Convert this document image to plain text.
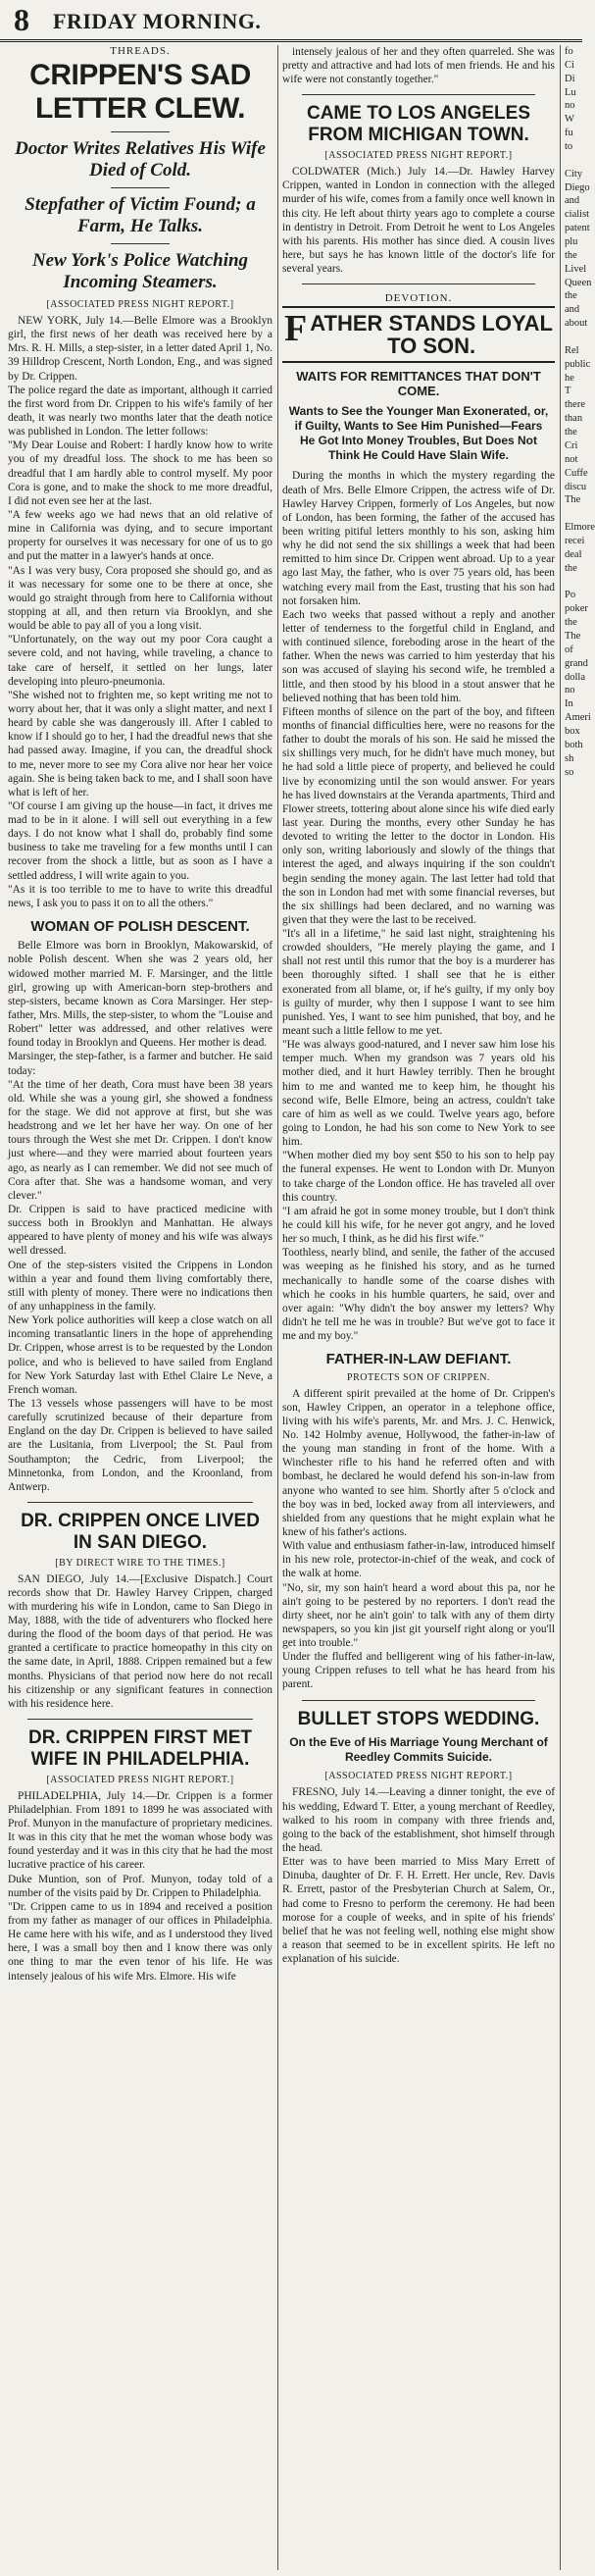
8 FRIDAY MORNING.

THREADS.

CRIPPEN'S SAD
LETTER CLEW.

Doctor Writes Relatives His Wife Died of Cold.

Stepfather of Victim Found; a Farm, He Talks.

New York's Police Watching Incoming Steamers.

[ASSOCIATED PRESS NIGHT REPORT.]

NEW YORK, July 14.—Belle Elmore was a Brooklyn girl, the first news of her death was received here by a Mrs. R. H. Mills, a step-sister, in a letter dated April 1, No. 39 Hilldrop Crescent, North London, Eng., and was signed by Dr. Crippen.
The police regard the date as important, although it carried the first word from Dr. Crippen to his wife's family of her death, it was nearly two months later that the death notice was published in London. The letter follows:
"My Dear Louise and Robert: I hardly know how to write you of my dreadful loss. The shock to me has been so dreadful that I am hardly able to control myself. My poor Cora is gone, and to make the shock to me more dreadful, I did not even see her at the last.
"A few weeks ago we had news that an old relative of mine in California was dying, and to secure important property for ourselves it was necessary for one of us to go and put the matter in a lawyer's hands at once.
"As I was very busy, Cora proposed she should go, and as it was necessary for some one to be there at once, she would go straight through from here to California without stopping at all, and then return via Brooklyn, and she would be able to pay all of you a long visit.
"Unfortunately, on the way out my poor Cora caught a severe cold, and not having, while traveling, a chance to take care of herself, it settled on her lungs, later developing into pleuro-pneumonia.
"She wished not to frighten me, so kept writing me not to worry about her, that it was only a slight matter, and next I heard by cable she was dangerously ill. After I cabled to know if I should go to her, I had the dreadful news that she had passed away. Imagine, if you can, the dreadful shock to me, never more to see my Cora alive nor hear her voice again. She is being taken back to me, and I shall soon have what is left of her.
"Of course I am giving up the house—in fact, it drives me mad to be in it alone. I will sell out everything in a few days. I do not know what I shall do, probably find some business to take me traveling for a few months until I can recover from the shock a little, but as soon as I have a settled address, I will write again to you.
"As it is too terrible to me to have to write this dreadful news, I ask you to pass it on to all the others."

WOMAN OF POLISH DESCENT.

Belle Elmore was born in Brooklyn, Makowarskid, of noble Polish descent. When she was 2 years old, her widowed mother married M. F. Marsinger, and the little girl, growing up with American-born step-brothers and step-sisters, became known as Cora Marsinger. Her step-father, Mrs. Mills, the step-sister, to whom the "Louise and Robert" letter was addressed, and other relatives were found today in Brooklyn and Queens. Her mother is dead.
Marsinger, the step-father, is a farmer and butcher. He said today:
"At the time of her death, Cora must have been 38 years old. While she was a young girl, she showed a fondness for the stage. We did not approve at first, but she was headstrong and we let her have her way. On one of her tours through the West she met Dr. Crippen. I don't know just where—and they were married about fourteen years ago, as nearly as I can remember. We did not see much of Cora after that. She was a handsome woman, and very clever."
Dr. Crippen is said to have practiced medicine with success both in Brooklyn and Manhattan. He always appeared to have plenty of money and his wife was always well dressed.
One of the step-sisters visited the Crippens in London within a year and found them living comfortably there, still with plenty of money. There were no indications then of any unhappiness in the family.
New York police authorities will keep a close watch on all incoming transatlantic liners in the hope of apprehending Dr. Crippen, whose arrest is to be requested by the London police, and who is believed to have sailed from England for New York Saturday last with Ethel Claire Le Neve, a French woman.
The 13 vessels whose passengers will have to be most carefully scrutinized because of their departure from England on the day Dr. Crippen is believed to have sailed are the Lusitania, from Liverpool; the St. Paul from Southampton; the Cedric, from Liverpool; the Minnetonka, from London, and the Kroonland, from Antwerp.

DR. CRIPPEN ONCE LIVED IN SAN DIEGO.

[BY DIRECT WIRE TO THE TIMES.]

SAN DIEGO, July 14.—[Exclusive Dispatch.] Court records show that Dr. Hawley Harvey Crippen, charged with murdering his wife in London, came to San Diego in May, 1888, with the tide of adventurers who flocked here during the flood of the boom days of that period. He was granted a certificate to practice homeopathy in this city on the same date, in April, 1888. Crippen remained but a few months. Physicians of that period now here do not recall his citizenship or any significant features in connection with his residence here.

DR. CRIPPEN FIRST MET WIFE IN PHILADELPHIA.

[ASSOCIATED PRESS NIGHT REPORT.]

PHILADELPHIA, July 14.—Dr. Crippen is a former Philadelphian. From 1891 to 1899 he was associated with Prof. Munyon in the manufacture of proprietary medicines. It was in this city that he met the woman whose body was found yesterday and it was in this city that he had the most lucrative practice of his career.
Duke Muntion, son of Prof. Munyon, today told of a number of the visits paid by Dr. Crippen to Philadelphia.
"Dr. Crippen came to us in 1894 and received a position from my father as manager of our offices in Philadelphia. He came here with his wife, and as I understood they lived here, I was a small boy then and I know there was only one thing to mar the even tenor of his life. He was intensely jealous of his wife Mrs. Elmore. His wife

intensely jealous of her and they often quarreled. She was pretty and attractive and had lots of men friends. He and his wife were not constantly together."

CAME TO LOS ANGELES FROM MICHIGAN TOWN.

[ASSOCIATED PRESS NIGHT REPORT.]

COLDWATER (Mich.) July 14.—Dr. Hawley Harvey Crippen, wanted in London in connection with the alleged murder of his wife, comes from a family once well known in this city. He left about thirty years ago to complete a course in dentistry in Detroit. From Detroit he went to Los Angeles with his parents. His mother has since died. A cousin lives here, but says he has known little of the doctor's life for several years.

DEVOTION.

FATHER STANDS LOYAL TO SON.

WAITS FOR REMITTANCES THAT DON'T COME.

Wants to See the Younger Man Exonerated, or, if Guilty, Wants to See Him Punished—Fears He Got Into Money Troubles, But Does Not Think He Could Have Slain Wife.

During the months in which the mystery regarding the death of Mrs. Belle Elmore Crippen, the actress wife of Dr. Hawley Harvey Crippen, formerly of Los Angeles, but now of London, has been forming, the father of the accused has been writing pitiful letters monthly to his son, asking him why he did not send the six shillings a week that had been remitted to him since Dr. Crippen went abroad. Up to a year ago last May, the father, who is over 75 years old, has been watching every mail from the East, trusting that his son had not forsaken him.
Each two weeks that passed without a reply and another letter of tenderness to the forgetful child in England, and with continued silence, foreboding arose in the heart of the father. When the news was carried to him yesterday that his son was accused of slaying his second wife, he trembled a little, and then stood by his blood in a stout answer that he believed nothing that has been told him.
Fifteen months of silence on the part of the boy, and fifteen months of financial difficulties here, were no reasons for the father to doubt the morals of his son. He said he missed the six shillings very much, for he didn't have much money, but he had sold a little piece of property, and believed he could live by economizing until the son would answer. For years he has lived downstairs at the Veranda apartments, Third and Flower streets, tottering about alone since his wife died early last year. During the months, every other Sunday he has devoted to writing the letter to the doctor in London. His only son, writing laboriously and slowly of the things that interest the aged, and always inquiring if the son couldn't begin sending the money again. The last letter had told that the son in London had met with some financial reverses, but the six shillings had been declared, and no warning was given that they were the last to be received.
"It's all in a lifetime," he said last night, straightening his crowded shoulders, "He merely playing the game, and I shall not rest until this rumor that the boy is a murderer has been thoroughly sifted. I shall see that he is either exonerated from all blame, or, if he's guilty, if my only boy is guilty of murder, why then I suppose I want to see him punished. Yes, I want to see him punished, that boy, and he meant such a little fellow to me yet.
"He was always good-natured, and I never saw him lose his temper much. When my grandson was 7 years old his mother died, and it hurt Hawley terribly. Then he brought him to me and wanted me to keep him, he thought his second wife, Belle Elmore, being an actress, couldn't take care of him as well as we could. Twelve years ago, before going to London, he had his son come to New York to see him.
"When mother died my boy sent $50 to his son to help pay the funeral expenses. He went to London with Dr. Munyon to take charge of the London office. He has traveled all over this country.
"I am afraid he got in some money trouble, but I don't think he could kill his wife, for he never got angry, and he loved her so much, I think, as he did his first wife."
Toothless, nearly blind, and senile, the father of the accused was weeping as he finished his story, and as he turned mechanically to handle some of the coarse dishes with which he cooks in his humble quarters, he said, over and over again: "Why didn't the boy answer my letters? Why didn't he tell me he was in trouble? But we've got to face it me and my boy."

FATHER-IN-LAW DEFIANT.

PROTECTS SON OF CRIPPEN.

A different spirit prevailed at the home of Dr. Crippen's son, Hawley Crippen, an operator in a telephone office, living with his wife's parents, Mr. and Mrs. J. C. Henwick, No. 142 Holmby avenue, Hollywood, the father-in-law of the young man standing in front of the home. With a Winchester rifle to his hand he referred often and with bombast, he declared he would defend his son-in-law from anyone who wanted to see him. Shortly after 5 o'clock and the boy was in bed, locked away from all interviewers, and shielded from any questions that he might explain what he knew of his father's actions.
With value and enthusiasm father-in-law, introduced himself in his new role, protector-in-chief of the weak, and cock of the walk at home.
"No, sir, my son hain't heard a word about this pa, nor he ain't going to be pestered by no reporters. I don't read the dirty sheet, nor he ain't goin' to talk with any of them dirty newspapers, so you kin jist git yourself right along or you'll get into trouble."
Under the fluffed and belligerent wing of his father-in-law, young Crippen refuses to tell what he has heard from his parent.

BULLET STOPS WEDDING.

On the Eve of His Marriage Young Merchant of Reedley Commits Suicide.

[ASSOCIATED PRESS NIGHT REPORT.]

FRESNO, July 14.—Leaving a dinner tonight, the eve of his wedding, Edward T. Etter, a young merchant of Reedley, walked to his room in company with three friends and, going to the back of the establishment, shot himself through the head.
Etter was to have been married to Miss Mary Errett of Dinuba, daughter of Dr. F. H. Errett. Her uncle, Rev. Davis R. Errett, pastor of the Presbyterian Church at Salem, Or., had come to Fresno to perform the ceremony. He had been morose for a couple of weeks, and in spite of his friends' belief that he was not feeling well, nothing else might show a reason that seemed to be in excellent spirits. He left no explanation of his suicide.

fo
Ci
Di
Lu
no
W
fu
to

City
Diego
and
cialist
patent
plu
the
Livel
Queen
the
and
about

Rel
public
he T
there
than
the
Cri
not
Cuffe
discu
The

Elmore
recei
deal
the

Po
poker
the
The
of
grand
dolla
no
In
Ameri
box
both
sh
so
